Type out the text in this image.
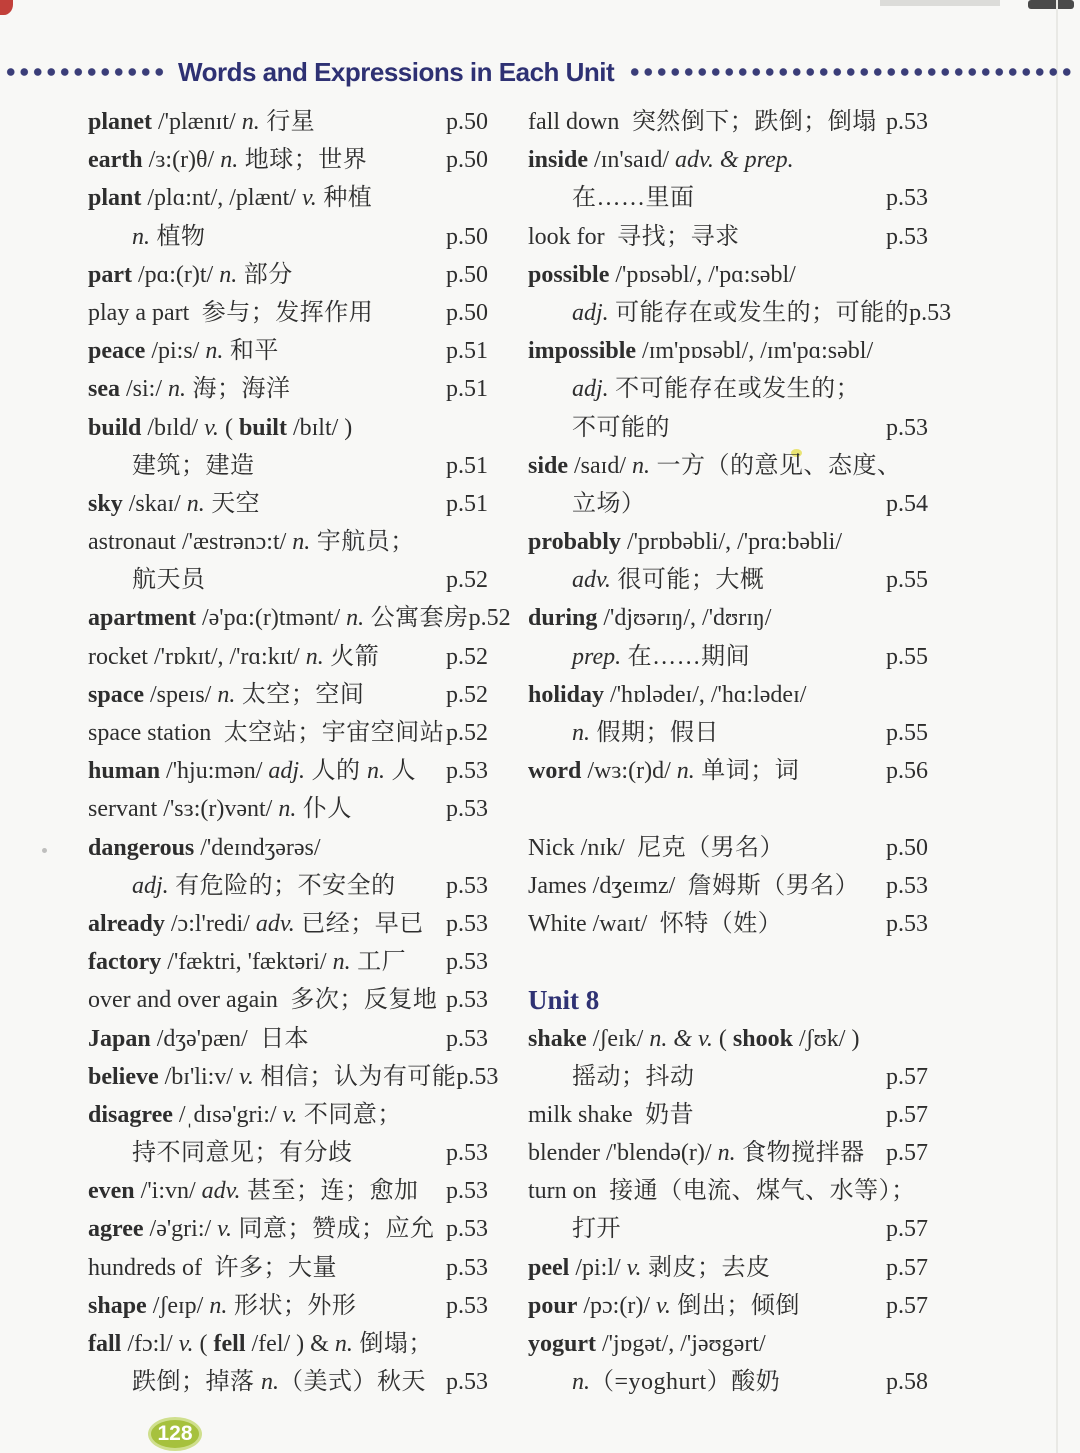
Words and Expressions in Each Unit
planet /'plænɪt/ n. 行星	p.50
earth /ɜ:(r)θ/ n. 地球；世界	p.50
plant /plɑ:nt/, /plænt/ v. 种植
n. 植物	p.50
part /pɑ:(r)t/ n. 部分	p.50
play a part  参与；发挥作用	p.50
peace /pi:s/ n. 和平	p.51
sea /si:/ n. 海；海洋	p.51
build /bɪld/ v. ( built /bɪlt/ )
建筑；建造	p.51
sky /skaɪ/ n. 天空	p.51
astronaut /'æstrənɔ:t/ n. 宇航员；
航天员	p.52
apartment /ə'pɑ:(r)tmənt/ n. 公寓套房 p.52
rocket /'rɒkɪt/, /'rɑ:kɪt/ n. 火箭	p.52
space /speɪs/ n. 太空；空间	p.52
space station  太空站；宇宙空间站 p.52
human /'hju:mən/ adj. 人的 n. 人 p.53
servant /'sɜ:(r)vənt/ n. 仆人	p.53
dangerous /'deɪndʒərəs/
adj. 有危险的；不安全的 p.53
already /ɔ:l'redi/ adv. 已经；早已 p.53
factory /'fæktri, 'fæktəri/ n. 工厂 p.53
over and over again  多次；反复地 p.53
Japan /dʒə'pæn/  日本	p.53
believe /bɪ'li:v/ v. 相信；认为有可能 p.53
disagree /ˌdɪsə'gri:/ v. 不同意；
持不同意见；有分歧	p.53
even /'i:vn/ adv. 甚至；连；愈加 p.53
agree /ə'gri:/ v. 同意；赞成；应允 p.53
hundreds of  许多；大量	p.53
shape /ʃeɪp/ n. 形状；外形	p.53
fall /fɔ:l/ v. ( fell /fel/ ) & n. 倒塌；
跌倒；掉落 n.（美式）秋天 p.53
fall down  突然倒下；跌倒；倒塌 p.53
inside /ɪn'saɪd/ adv. & prep.
在……里面	p.53
look for  寻找；寻求	p.53
possible /'pɒsəbl/, /'pɑ:səbl/
adj. 可能存在或发生的；可能的 p.53
impossible /ɪm'pɒsəbl/, /ɪm'pɑ:səbl/
adj. 不可能存在或发生的；
不可能的	p.53
side /saɪd/ n. 一方（的意见、态度、
立场）	p.54
probably /'prɒbəbli/, /'prɑ:bəbli/
adv. 很可能；大概	p.55
during /'djʊərɪŋ/, /'dʊrɪŋ/
prep. 在……期间	p.55
holiday /'hɒlədeɪ/, /'hɑ:lədeɪ/
n. 假期；假日	p.55
word /wɜ:(r)d/ n. 单词；词	p.56
Nick /nɪk/  尼克（男名）	p.50
James /dʒeɪmz/  詹姆斯（男名） p.53
White /waɪt/  怀特（姓）	p.53
Unit 8
shake /ʃeɪk/ n. & v. ( shook /ʃʊk/ )
摇动；抖动	p.57
milk shake  奶昔	p.57
blender /'blendə(r)/ n. 食物搅拌器 p.57
turn on  接通（电流、煤气、水等）；
打开	p.57
peel /pi:l/ v. 剥皮；去皮	p.57
pour /pɔ:(r)/ v. 倒出；倾倒	p.57
yogurt /'jɒgət/, /'jəʊgərt/
n.（=yoghurt）酸奶	p.58
128
